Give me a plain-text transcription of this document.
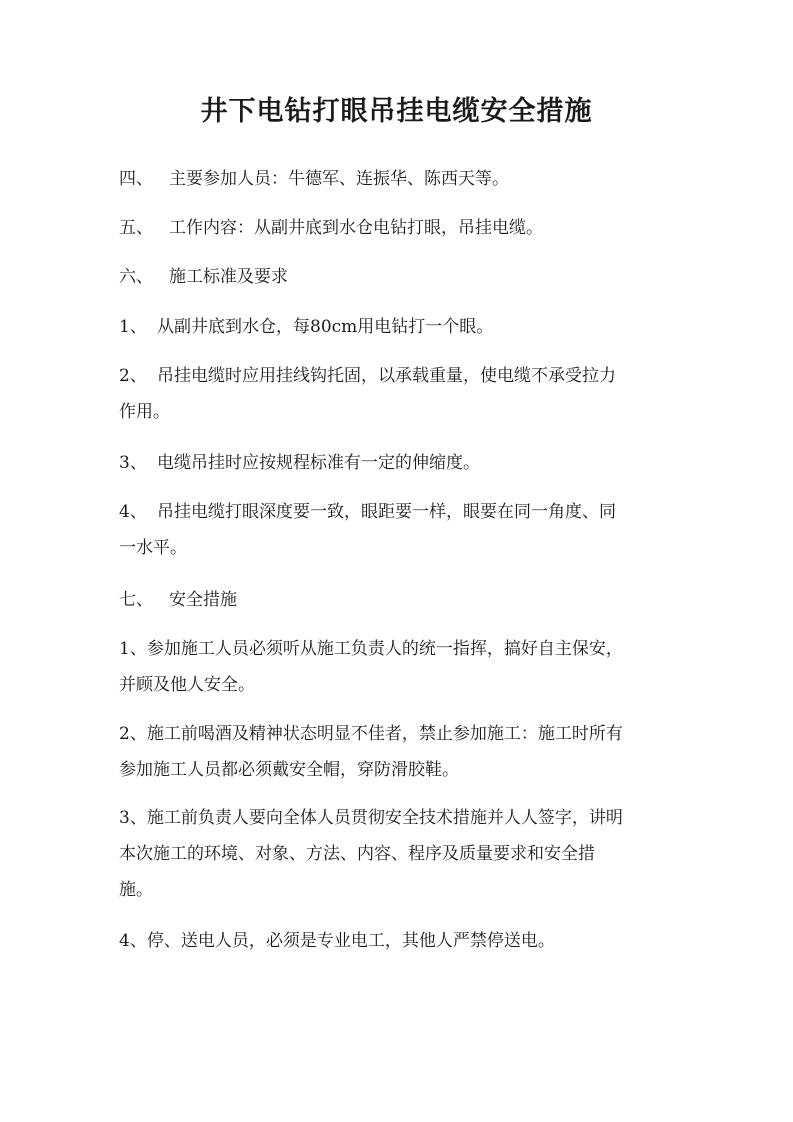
井下电钻打眼吊挂电缆安全措施

四、 主要参加人员：牛德军、连振华、陈西天等。

五、 工作内容：从副井底到水仓电钻打眼，吊挂电缆。

六、 施工标准及要求

1、 从副井底到水仓，每80cm用电钻打一个眼。

2、 吊挂电缆时应用挂线钩托固，以承载重量，使电缆不承受拉力
作用。

3、 电缆吊挂时应按规程标准有一定的伸缩度。

4、 吊挂电缆打眼深度要一致，眼距要一样，眼要在同一角度、同
一水平。

七、 安全措施

1、参加施工人员必须听从施工负责人的统一指挥，搞好自主保安，
并顾及他人安全。

2、施工前喝酒及精神状态明显不佳者，禁止参加施工：施工时所有
参加施工人员都必须戴安全帽，穿防滑胶鞋。

3、施工前负责人要向全体人员贯彻安全技术措施并人人签字，讲明
本次施工的环境、对象、方法、内容、程序及质量要求和安全措
施。

4、停、送电人员，必须是专业电工，其他人严禁停送电。
